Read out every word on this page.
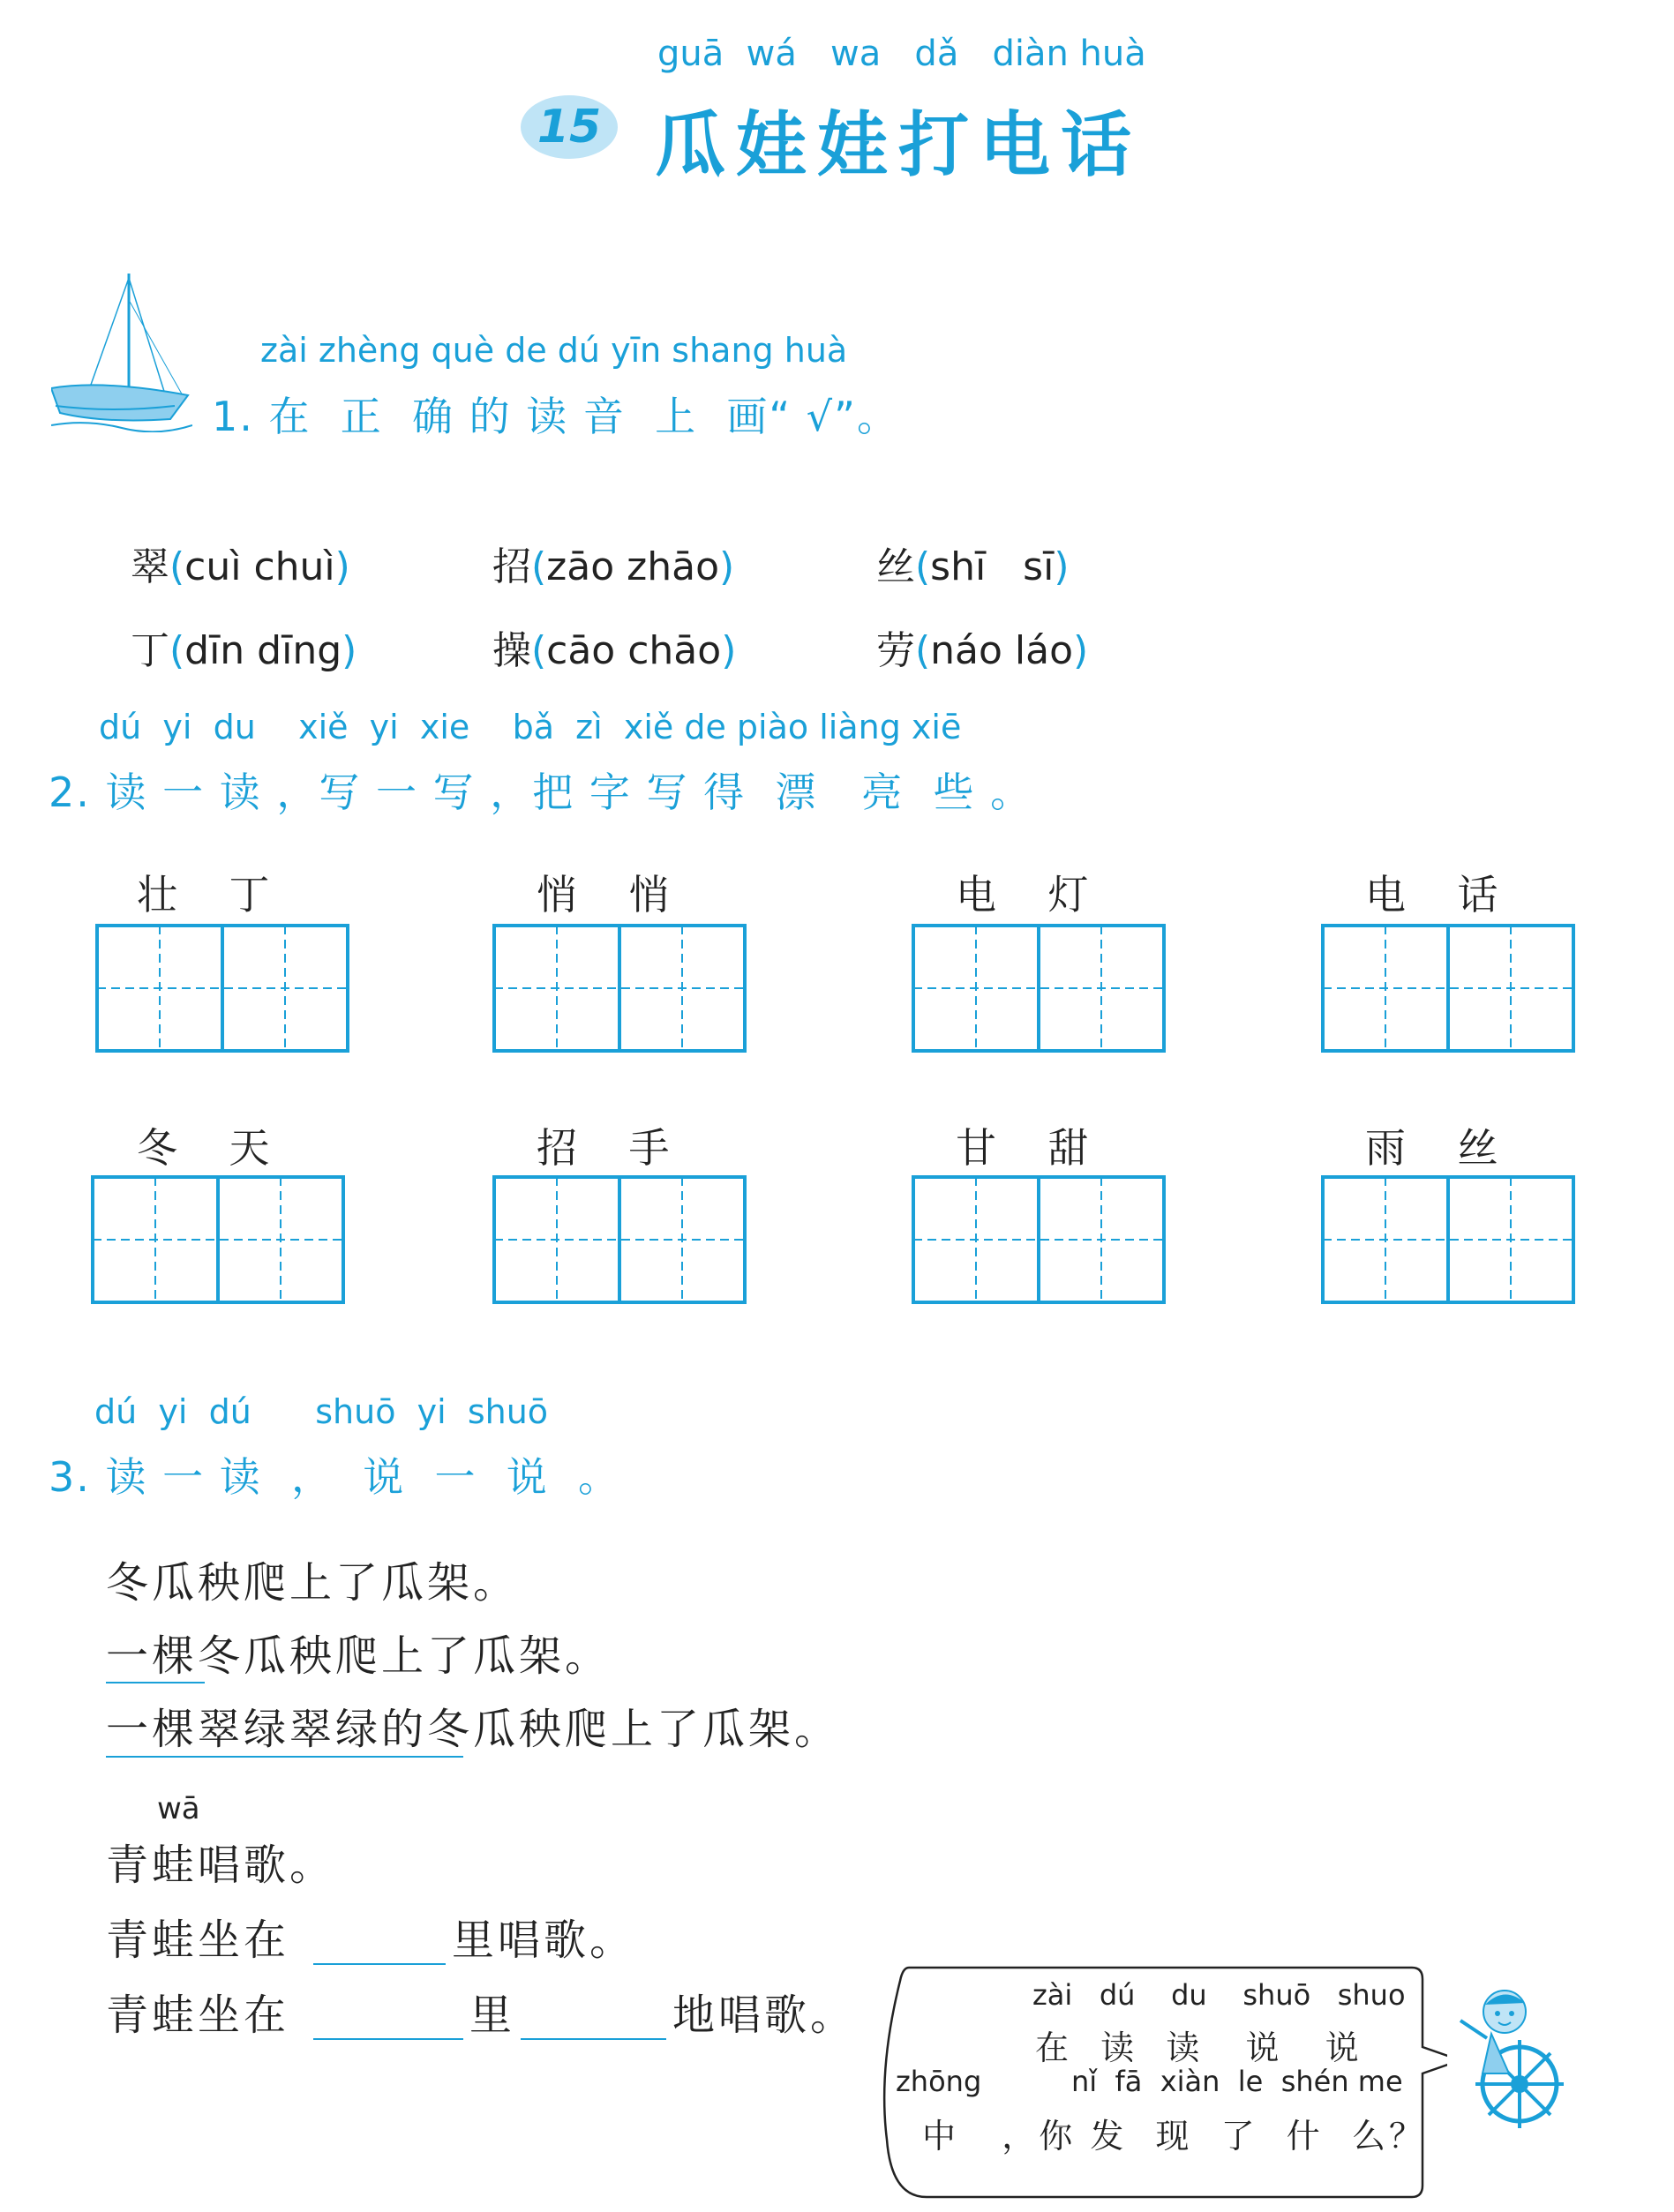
15
guā  wá   wa   dǎ   diàn huà
瓜娃娃打电话
zài zhèng què de dú yīn shang huà
1. 在  正  确 的 读 音  上  画“ √”。

翠(cuì chuì)	招(zāo zhāo)	丝(shī   sī)

丁(dīn dīng)	操(cāo chāo)	劳(náo láo)

dú  yi  du    xiě  yi  xie    bǎ  zì  xiě de piào liàng xiē
2. 读 一 读 ，写 一 写 ，把 字 写 得  漂   亮  些 。
壮    丁	悄    悄	电    灯	电    话
冬    天	招    手	甘    甜	雨    丝
dú  yi  dú      shuō  yi  shuō
3. 读 一 读  ，  说  一  说  。
冬瓜秧爬上了瓜架。
一棵冬瓜秧爬上了瓜架。
一棵翠绿翠绿的冬瓜秧爬上了瓜架。
wā
青蛙唱歌。
青蛙坐在	里唱歌。
青蛙坐在	里	地唱歌。	zài   dú    du    shuō   shuo
在  读  读   说   说
zhōng          nǐ  fā  xiàn  le  shén me
中   ，你 发  现  了  什  么？
